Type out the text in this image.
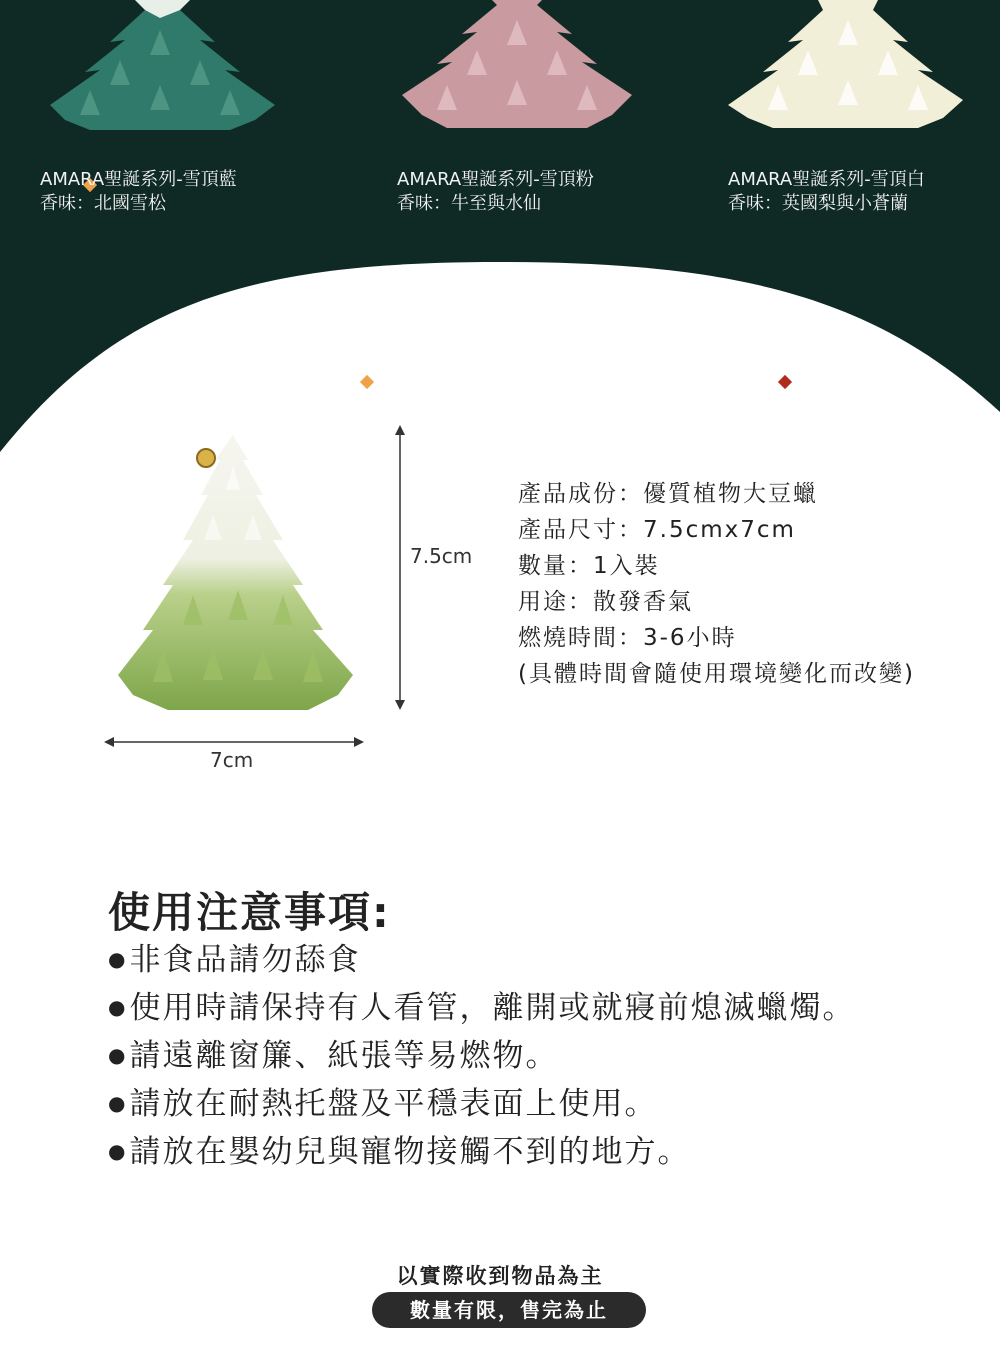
AMARA聖誕系列-雪頂藍
香味：北國雪松
AMARA聖誕系列-雪頂粉
香味：牛至與水仙
AMARA聖誕系列-雪頂白
香味：英國梨與小蒼蘭
7.5cm
7cm
產品成份：優質植物大豆蠟
產品尺寸：7.5cmx7cm
數量：1入裝
用途：散發香氣
燃燒時間：3-6小時
(具體時間會隨使用環境變化而改變)
使用注意事項:
● 非食品請勿舔食
● 使用時請保持有人看管，離開或就寢前熄滅蠟燭。
● 請遠離窗簾、紙張等易燃物。
● 請放在耐熱托盤及平穩表面上使用。
● 請放在嬰幼兒與寵物接觸不到的地方。
以實際收到物品為主
數量有限，售完為止
